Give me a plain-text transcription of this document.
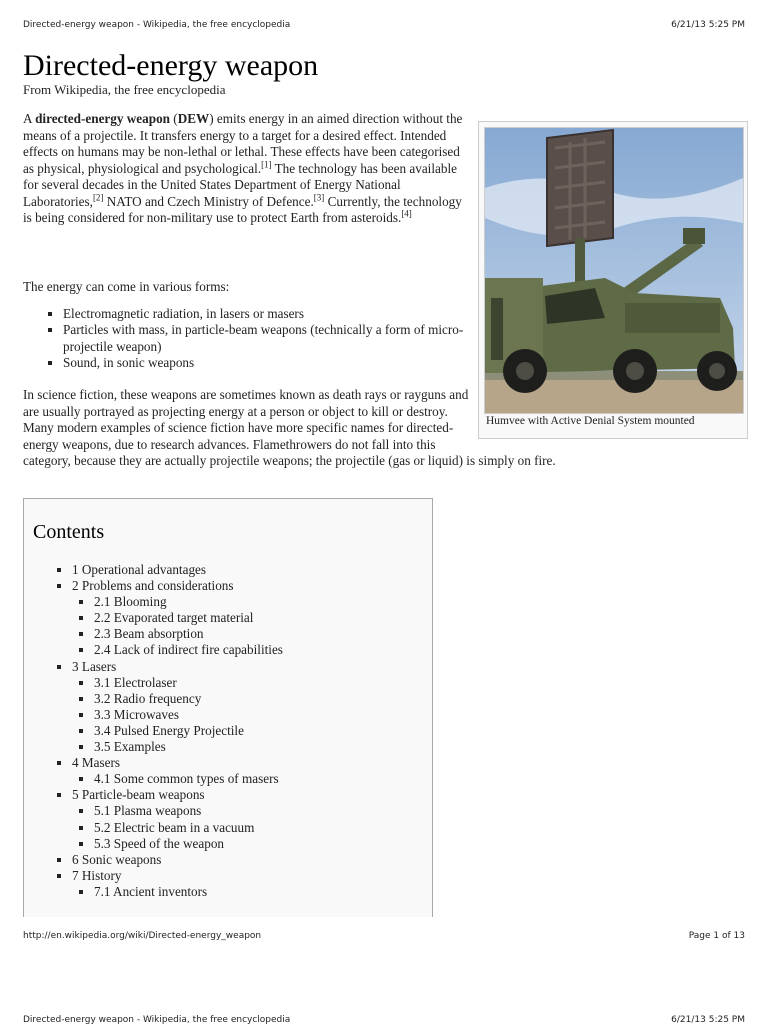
Directed-energy weapon - Wikipedia, the free encyclopedia	6/21/13 5:25 PM
Directed-energy weapon
From Wikipedia, the free encyclopedia

A directed-energy weapon (DEW) emits energy in an aimed direction without the means of a projectile. It transfers energy to a target for a desired effect. Intended effects on humans may be non-lethal or lethal. These effects have been categorised as physical, physiological and psychological.[1] The technology has been available for several decades in the United States Department of Energy National Laboratories,[2] NATO and Czech Ministry of Defence.[3] Currently, the technology is being considered for non-military use to protect Earth from asteroids.[4]

The energy can come in various forms:

▪ Electromagnetic radiation, in lasers or masers
▪ Particles with mass, in particle-beam weapons (technically a form of micro-projectile weapon)
▪ Sound, in sonic weapons

In science fiction, these weapons are sometimes known as death rays or rayguns and are usually portrayed as projecting energy at a person or object to kill or destroy. Many modern examples of science fiction have more specific names for directed-energy weapons, due to research advances. Flamethrowers do not fall into this category, because they are actually projectile weapons; the projectile (gas or liquid) is simply on fire.

Humvee with Active Denial System mounted
Contents
▪ 1 Operational advantages
▪ 2 Problems and considerations
▪ 2.1 Blooming
▪ 2.2 Evaporated target material
▪ 2.3 Beam absorption
▪ 2.4 Lack of indirect fire capabilities
▪ 3 Lasers
▪ 3.1 Electrolaser
▪ 3.2 Radio frequency
▪ 3.3 Microwaves
▪ 3.4 Pulsed Energy Projectile
▪ 3.5 Examples
▪ 4 Masers
▪ 4.1 Some common types of masers
▪ 5 Particle-beam weapons
▪ 5.1 Plasma weapons
▪ 5.2 Electric beam in a vacuum
▪ 5.3 Speed of the weapon
▪ 6 Sonic weapons
▪ 7 History
▪ 7.1 Ancient inventors
http://en.wikipedia.org/wiki/Directed-energy_weapon	Page 1 of 13
Directed-energy weapon - Wikipedia, the free encyclopedia	6/21/13 5:25 PM
